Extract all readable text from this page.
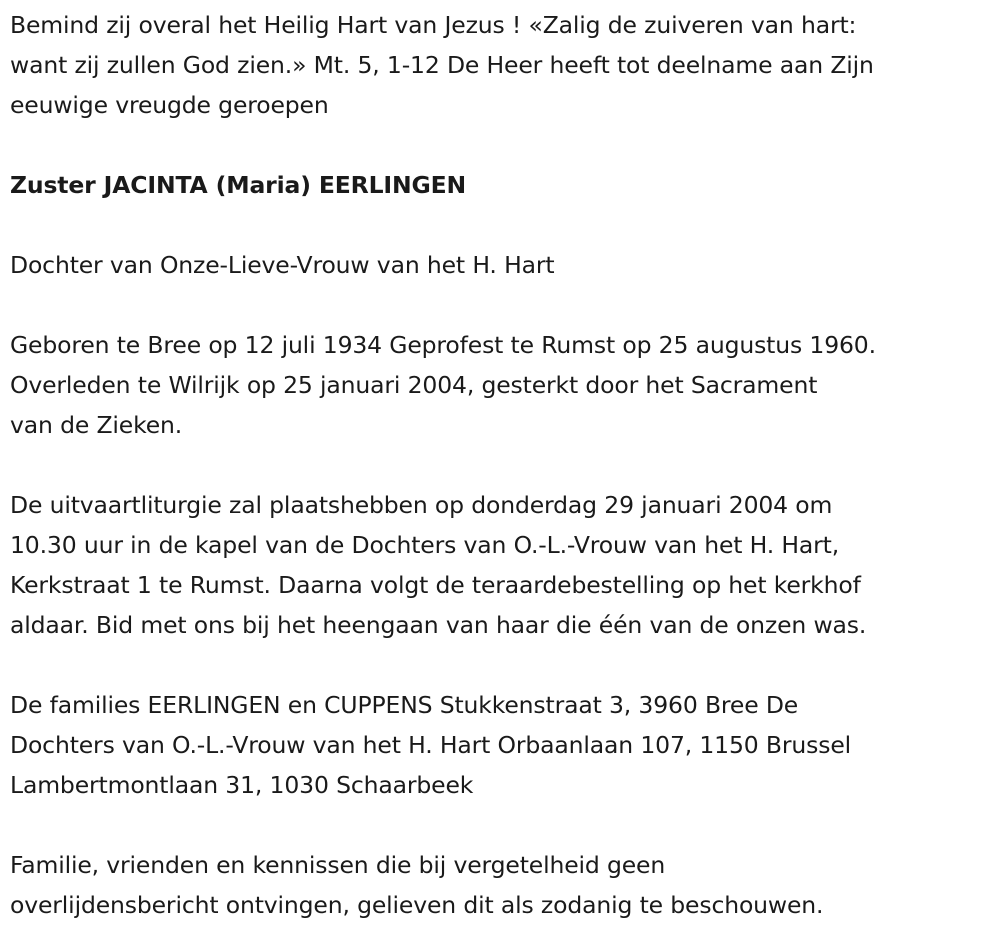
Bemind zij overal het Heilig Hart van Jezus ! «Zalig de zuiveren van hart:

want zij zullen God zien.» Mt. 5, 1-12 De Heer heeft tot deelname aan Zijn

eeuwige vreugde geroepen

Zuster JACINTA (Maria) EERLINGEN

Dochter van Onze-Lieve-Vrouw van het H. Hart

Geboren te Bree op 12 juli 1934 Geprofest te Rumst op 25 augustus 1960.

Overleden te Wilrijk op 25 januari 2004, gesterkt door het Sacrament

van de Zieken.

De uitvaartliturgie zal plaatshebben op donderdag 29 januari 2004 om

10.30 uur in de kapel van de Dochters van O.-L.-Vrouw van het H. Hart,

Kerkstraat 1 te Rumst. Daarna volgt de teraardebestelling op het kerkhof

aldaar. Bid met ons bij het heengaan van haar die één van de onzen was.

De families EERLINGEN en CUPPENS Stukkenstraat 3, 3960 Bree De

Dochters van O.-L.-Vrouw van het H. Hart Orbaanlaan 107, 1150 Brussel

Lambertmontlaan 31, 1030 Schaarbeek

Familie, vrienden en kennissen die bij vergetelheid geen

overlijdensbericht ontvingen, gelieven dit als zodanig te beschouwen.
